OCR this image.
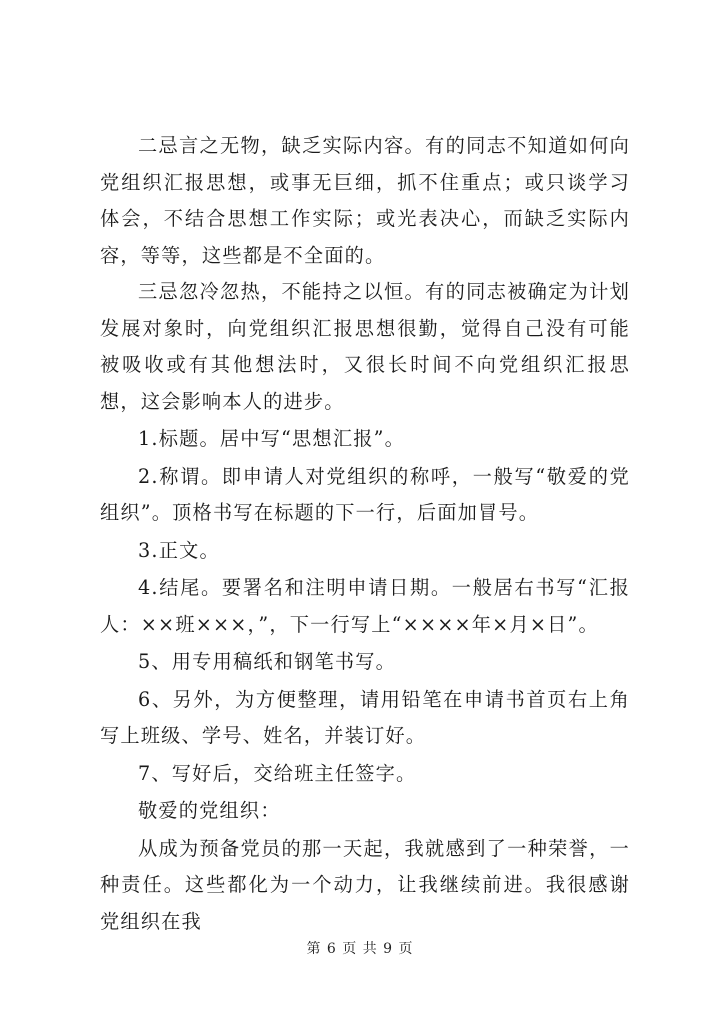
二忌言之无物，缺乏实际内容。有的同志不知道如何向党组织汇报思想，或事无巨细，抓不住重点；或只谈学习体会，不结合思想工作实际；或光表决心，而缺乏实际内容，等等，这些都是不全面的。

三忌忽冷忽热，不能持之以恒。有的同志被确定为计划发展对象时，向党组织汇报思想很勤，觉得自己没有可能被吸收或有其他想法时，又很长时间不向党组织汇报思想，这会影响本人的进步。

1.标题。居中写“思想汇报”。

2.称谓。即申请人对党组织的称呼，一般写“敬爱的党组织”。顶格书写在标题的下一行，后面加冒号。

3.正文。

4.结尾。要署名和注明申请日期。一般居右书写“汇报人：××班×××，”，下一行写上“××××年×月×日”。

5、用专用稿纸和钢笔书写。

6、另外，为方便整理，请用铅笔在申请书首页右上角写上班级、学号、姓名，并装订好。

7、写好后，交给班主任签字。

敬爱的党组织：

从成为预备党员的那一天起，我就感到了一种荣誉，一种责任。这些都化为一个动力，让我继续前进。我很感谢党组织在我

第 6 页 共 9 页
